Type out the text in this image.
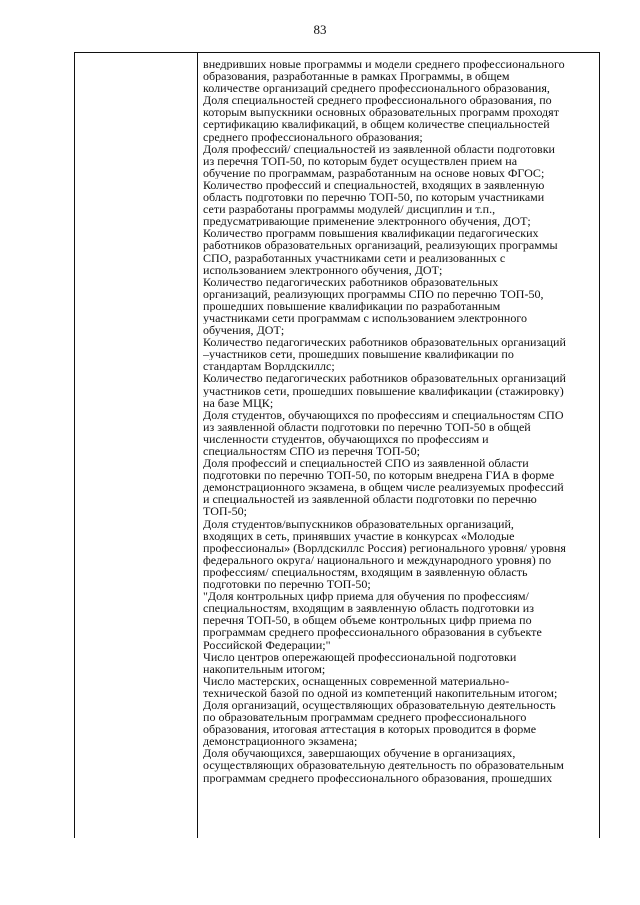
83
внедривших новые программы и модели среднего профессионального
образования, разработанные в рамках Программы, в общем
количестве организаций среднего профессионального образования,
Доля специальностей среднего профессионального образования, по
которым выпускники основных образовательных программ проходят
сертификацию квалификаций, в общем количестве специальностей
среднего профессионального образования;
Доля профессий/ специальностей из заявленной области подготовки
из перечня ТОП-50, по которым будет осуществлен прием на
обучение по программам, разработанным на основе новых ФГОС;
Количество профессий и специальностей, входящих в заявленную
область подготовки по перечню ТОП-50, по которым участниками
сети разработаны программы модулей/ дисциплин и т.п.,
предусматривающие применение электронного обучения, ДОТ;
Количество программ повышения квалификации педагогических
работников образовательных организаций, реализующих программы
СПО, разработанных участниками сети и реализованных с
использованием электронного обучения, ДОТ;
Количество педагогических работников образовательных
организаций, реализующих программы СПО по перечню ТОП-50,
прошедших повышение квалификации по разработанным
участниками сети программам с использованием электронного
обучения, ДОТ;
Количество педагогических работников образовательных организаций
–участников сети, прошедших повышение квалификации по
стандартам Ворлдскиллс;
Количество педагогических работников образовательных организаций
участников сети, прошедших повышение квалификации (стажировку)
на базе МЦК;
Доля студентов, обучающихся по профессиям и специальностям СПО
из заявленной области подготовки по перечню ТОП-50 в общей
численности студентов, обучающихся по профессиям и
специальностям СПО из перечня ТОП-50;
Доля профессий и специальностей СПО из заявленной области
подготовки по перечню ТОП-50, по которым внедрена ГИА в форме
демонстрационного экзамена, в общем числе реализуемых профессий
и специальностей из заявленной области подготовки по перечню
ТОП-50;
Доля студентов/выпускников образовательных организаций,
входящих в сеть, принявших участие в конкурсах «Молодые
профессионалы» (Ворлдскиллс Россия) регионального уровня/ уровня
федерального округа/ национального и международного уровня) по
профессиям/ специальностям, входящим в заявленную область
подготовки по перечню ТОП-50;
"Доля контрольных цифр приема для обучения по профессиям/
специальностям, входящим в заявленную область подготовки из
перечня ТОП-50, в общем объеме контрольных цифр приема по
программам среднего профессионального образования в субъекте
Российской Федерации;"
Число центров опережающей профессиональной подготовки
накопительным итогом;
Число мастерских, оснащенных современной материально-
технической базой по одной из компетенций накопительным итогом;
Доля организаций, осуществляющих образовательную деятельность
по образовательным программам среднего профессионального
образования, итоговая аттестация в которых проводится в форме
демонстрационного экзамена;
Доля обучающихся, завершающих обучение в организациях,
осуществляющих образовательную деятельность по образовательным
программам среднего профессионального образования, прошедших
